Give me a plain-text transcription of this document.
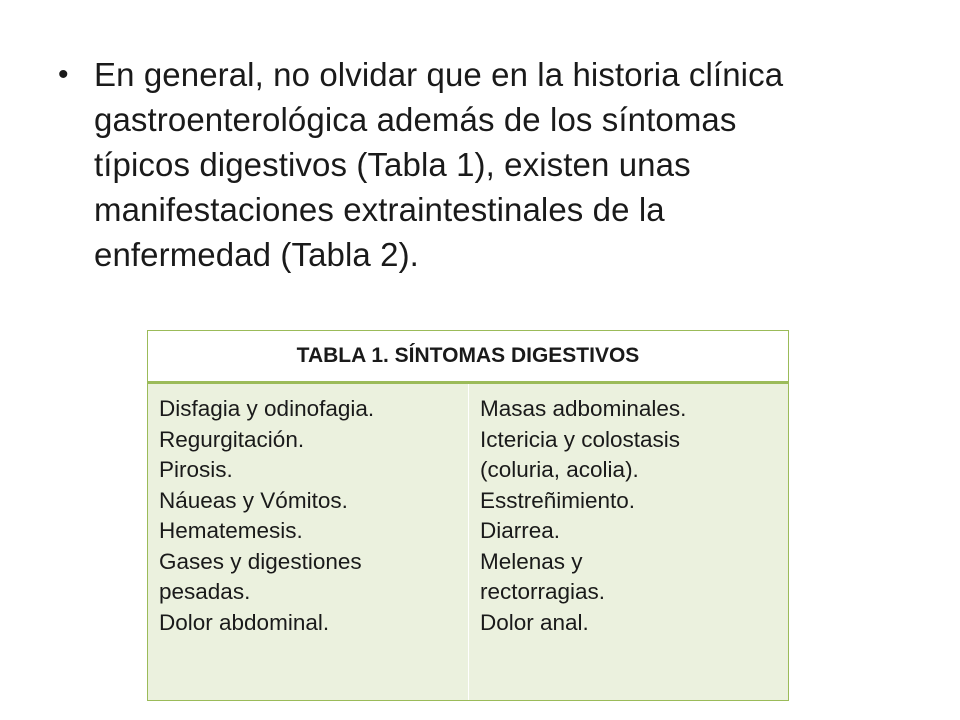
• En general, no olvidar que en la historia clínica
gastroenterológica además de los síntomas
típicos digestivos (Tabla 1), existen unas
manifestaciones extraintestinales de la
enfermedad (Tabla 2).
TABLA 1. SÍNTOMAS DIGESTIVOS
Disfagia y odinofagia.
Regurgitación.
Pirosis.
Náueas y Vómitos.
Hematemesis.
Gases y digestiones
pesadas.
Dolor abdominal.
Masas adbominales.
Ictericia y colostasis
(coluria, acolia).
Esstreñimiento.
Diarrea.
Melenas y
rectorragias.
Dolor anal.
